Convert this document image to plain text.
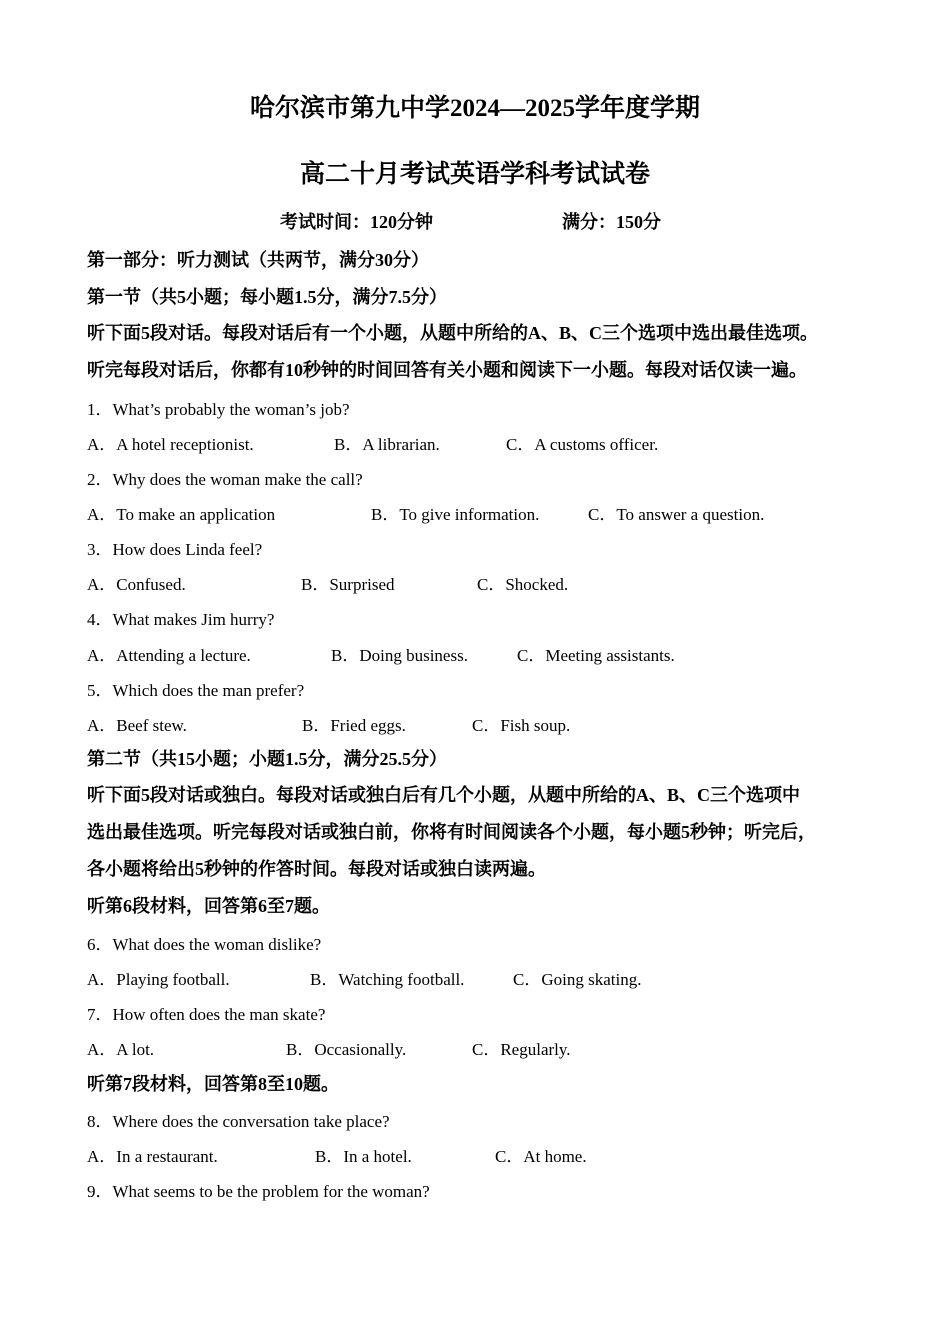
哈尔滨市第九中学2024—2025学年度学期
高二十月考试英语学科考试试卷
考试时间：120分钟	满分：150分
第一部分：听力测试（共两节，满分30分）
第一节（共5小题；每小题1.5分，满分7.5分）
听下面5段对话。每段对话后有一个小题，从题中所给的A、B、C三个选项中选出最佳选项。
听完每段对话后，你都有10秒钟的时间回答有关小题和阅读下一小题。每段对话仅读一遍。
1．What’s probably the woman’s job?
A．A hotel receptionist.	B．A librarian.	C．A customs officer.
2．Why does the woman make the call?
A．To make an application	B．To give information.	C．To answer a question.
3．How does Linda feel?
A．Confused.	B．Surprised	C．Shocked.
4．What makes Jim hurry?
A．Attending a lecture.	B．Doing business.	C．Meeting assistants.
5．Which does the man prefer?
A．Beef stew.	B．Fried eggs.	C．Fish soup.
第二节（共15小题；小题1.5分，满分25.5分）
听下面5段对话或独白。每段对话或独白后有几个小题，从题中所给的A、B、C三个选项中
选出最佳选项。听完每段对话或独白前，你将有时间阅读各个小题，每小题5秒钟；听完后，
各小题将给出5秒钟的作答时间。每段对话或独白读两遍。
听第6段材料，回答第6至7题。
6．What does the woman dislike?
A．Playing football.	B．Watching football.	C．Going skating.
7．How often does the man skate?
A．A lot.	B．Occasionally.	C．Regularly.
听第7段材料，回答第8至10题。
8．Where does the conversation take place?
A．In a restaurant.	B．In a hotel.	C．At home.
9．What seems to be the problem for the woman?
